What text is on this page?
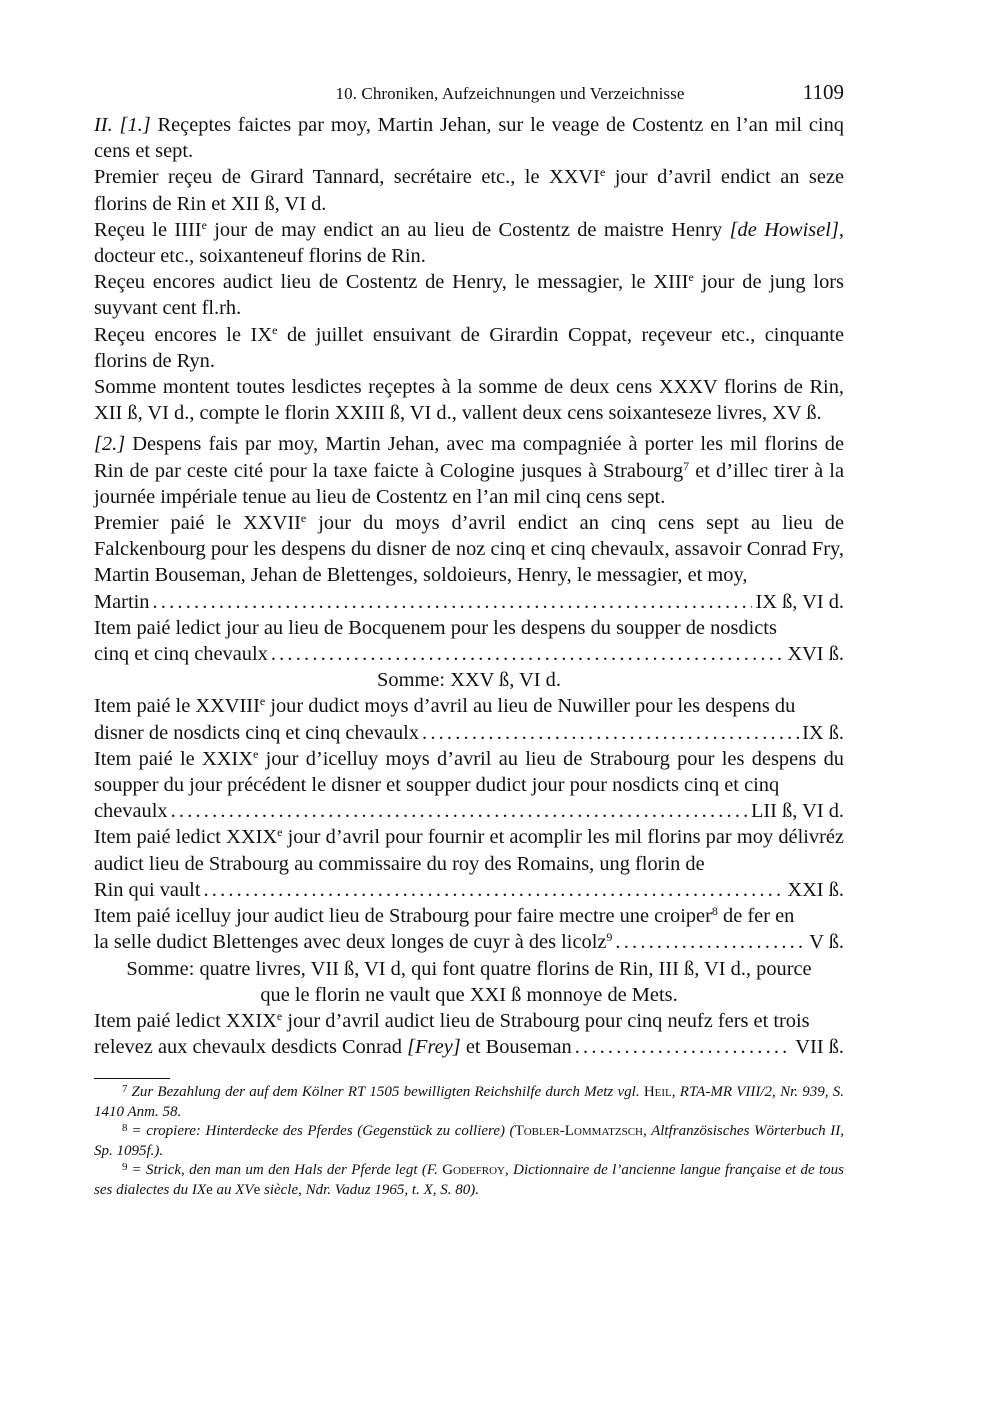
10. Chroniken, Aufzeichnungen und Verzeichnisse	1109

II. [1.] Reçeptes faictes par moy, Martin Jehan, sur le veage de Costentz en l’an mil cinq cens et sept.

Premier reçeu de Girard Tannard, secrétaire etc., le XXVIe jour d’avril endict an seze florins de Rin et XII ß, VI d.

Reçeu le IIIIe jour de may endict an au lieu de Costentz de maistre Henry [de Howisel], docteur etc., soixanteneuf florins de Rin.

Reçeu encores audict lieu de Costentz de Henry, le messagier, le XIIIe jour de jung lors suyvant cent fl.rh.

Reçeu encores le IXe de juillet ensuivant de Girardin Coppat, reçeveur etc., cinquante florins de Ryn.

Somme montent toutes lesdictes reçeptes à la somme de deux cens XXXV florins de Rin, XII ß, VI d., compte le florin XXIII ß, VI d., vallent deux cens soixanteseze livres, XV ß.

[2.] Despens fais par moy, Martin Jehan, avec ma compagniée à porter les mil florins de Rin de par ceste cité pour la taxe faicte à Cologine jusques à Strabourg$^7$ et d’illec tirer à la journée impériale tenue au lieu de Costentz en l’an mil cinq cens sept.

Premier paié le XXVIIe jour du moys d’avril endict an cinq cens sept au lieu de Falckenbourg pour les despens du disner de noz cinq et cinq chevaulx, assavoir Conrad Fry, Martin Bouseman, Jehan de Blettenges, soldoieurs, Henry, le messagier, et moy,

Martin .....	IX ß, VI d.

Item paié ledict jour au lieu de Bocquenem pour les despens du soupper de nosdicts

cinq et cinq chevaulx .....	XVI ß.

Somme: XXV ß, VI d.

Item paié le XXVIIIe jour dudict moys d’avril au lieu de Nuwiller pour les despens du

disner de nosdicts cinq et cinq chevaulx .....	IX ß.

Item paié le XXIXe jour d’icelluy moys d’avril au lieu de Strabourg pour les despens du soupper du jour précédent le disner et soupper dudict jour pour nosdicts cinq et cinq

chevaulx .....	LII ß, VI d.

Item paié ledict XXIXe jour d’avril pour fournir et acomplir les mil florins par moy délivréz audict lieu de Strabourg au commissaire du roy des Romains, ung florin de

Rin qui vault .....	XXI ß.

Item paié icelluy jour audict lieu de Strabourg pour faire mectre une croiper$^8$ de fer en

la selle dudict Blettenges avec deux longes de cuyr à des licolz$^9$ .....	V ß.

Somme: quatre livres, VII ß, VI d, qui font quatre florins de Rin, III ß, VI d., pource

que le florin ne vault que XXI ß monnoye de Mets.

Item paié ledict XXIXe jour d’avril audict lieu de Strabourg pour cinq neufz fers et trois

relevez aux chevaulx desdicts Conrad [Frey] et Bouseman .....	VII ß.

$^7$ Zur Bezahlung der auf dem Kölner RT 1505 bewilligten Reichshilfe durch Metz vgl. Heil, RTA-MR VIII/2, Nr. 939, S. 1410 Anm. 58.

$^8$ = cropiere: Hinterdecke des Pferdes (Gegenstück zu colliere) (Tobler-Lommatzsch, Altfranzösisches Wörterbuch II, Sp. 1095f.).

$^9$ = Strick, den man um den Hals der Pferde legt (F. Godefroy, Dictionnaire de l’ancienne langue française et de tous ses dialectes du IXe au XVe siècle, Ndr. Vaduz 1965, t. X, S. 80).
